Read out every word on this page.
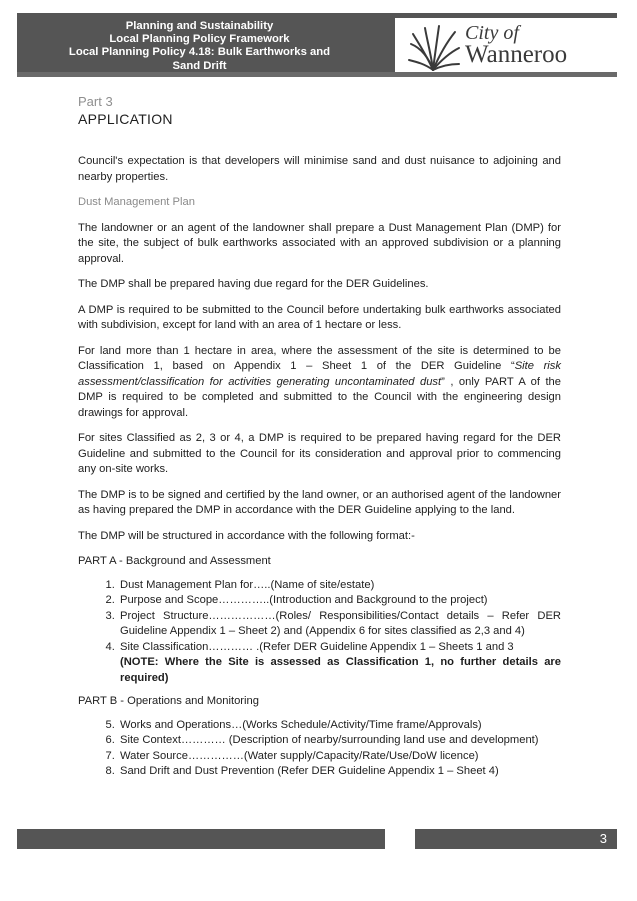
Planning and Sustainability
Local Planning Policy Framework
Local Planning Policy 4.18: Bulk Earthworks and
Sand Drift
City of
Wanneroo
Part 3
APPLICATION

Council's expectation is that developers will minimise sand and dust nuisance to adjoining and nearby properties.

Dust Management Plan

The landowner or an agent of the landowner shall prepare a Dust Management Plan (DMP) for the site, the subject of bulk earthworks associated with an approved subdivision or a planning approval.

The DMP shall be prepared having due regard for the DER Guidelines.

A DMP is required to be submitted to the Council before undertaking bulk earthworks associated with subdivision, except for land with an area of 1 hectare or less.

For land more than 1 hectare in area, where the assessment of the site is determined to be Classification 1, based on Appendix 1 – Sheet 1 of the DER Guideline “Site risk assessment/classification for activities generating uncontaminated dust” , only PART A of the DMP is required to be completed and submitted to the Council with the engineering design drawings for approval.

For sites Classified as 2, 3 or 4, a DMP is required to be prepared having regard for the DER Guideline and submitted to the Council for its consideration and approval prior to commencing any on-site works.

The DMP is to be signed and certified by the land owner, or an authorised agent of the landowner as having prepared the DMP in accordance with the DER Guideline applying to the land.

The DMP will be structured in accordance with the following format:-

PART A - Background and Assessment

1. Dust Management Plan for…..(Name of site/estate)
2. Purpose and Scope…………..(Introduction and Background to the project)
3. Project Structure………………(Roles/ Responsibilities/Contact details – Refer DER Guideline Appendix 1 – Sheet 2) and (Appendix 6 for sites classified as 2,3 and 4)
4. Site Classification………… .(Refer DER Guideline Appendix 1 – Sheets 1 and 3
(NOTE: Where the Site is assessed as Classification 1, no further details are required)

PART B - Operations and Monitoring

5. Works and Operations…(Works Schedule/Activity/Time frame/Approvals)
6. Site Context………… (Description of nearby/surrounding land use and development)
7. Water Source……………(Water supply/Capacity/Rate/Use/DoW licence)
8. Sand Drift and Dust Prevention (Refer DER Guideline Appendix 1 – Sheet 4)
3
